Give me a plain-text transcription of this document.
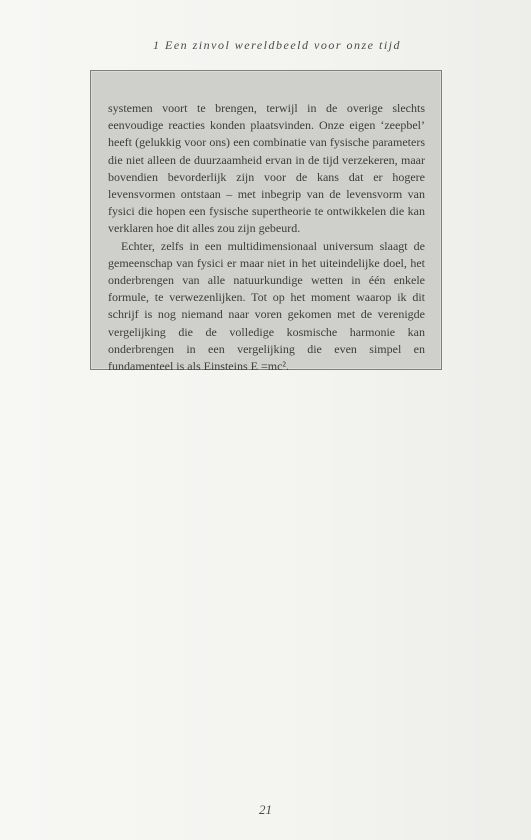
1 Een zinvol wereldbeeld voor onze tijd

systemen voort te brengen, terwijl in de overige slechts eenvoudige reacties konden plaatsvinden. Onze eigen ‘zeepbel’ heeft (gelukkig voor ons) een combinatie van fysische parameters die niet alleen de duurzaamheid ervan in de tijd verzekeren, maar bovendien bevorderlijk zijn voor de kans dat er hogere levensvormen ontstaan – met inbegrip van de levensvorm van fysici die hopen een fysische supertheorie te ontwikkelen die kan verklaren hoe dit alles zou zijn gebeurd.

Echter, zelfs in een multidimensionaal universum slaagt de gemeenschap van fysici er maar niet in het uiteindelijke doel, het onderbrengen van alle natuurkundige wetten in één enkele formule, te verwezenlijken. Tot op het moment waarop ik dit schrijf is nog niemand naar voren gekomen met de verenigde vergelijking die de volledige kosmische harmonie kan onderbrengen in een vergelijking die even simpel en fundamenteel is als Einsteins E =mc².

21
